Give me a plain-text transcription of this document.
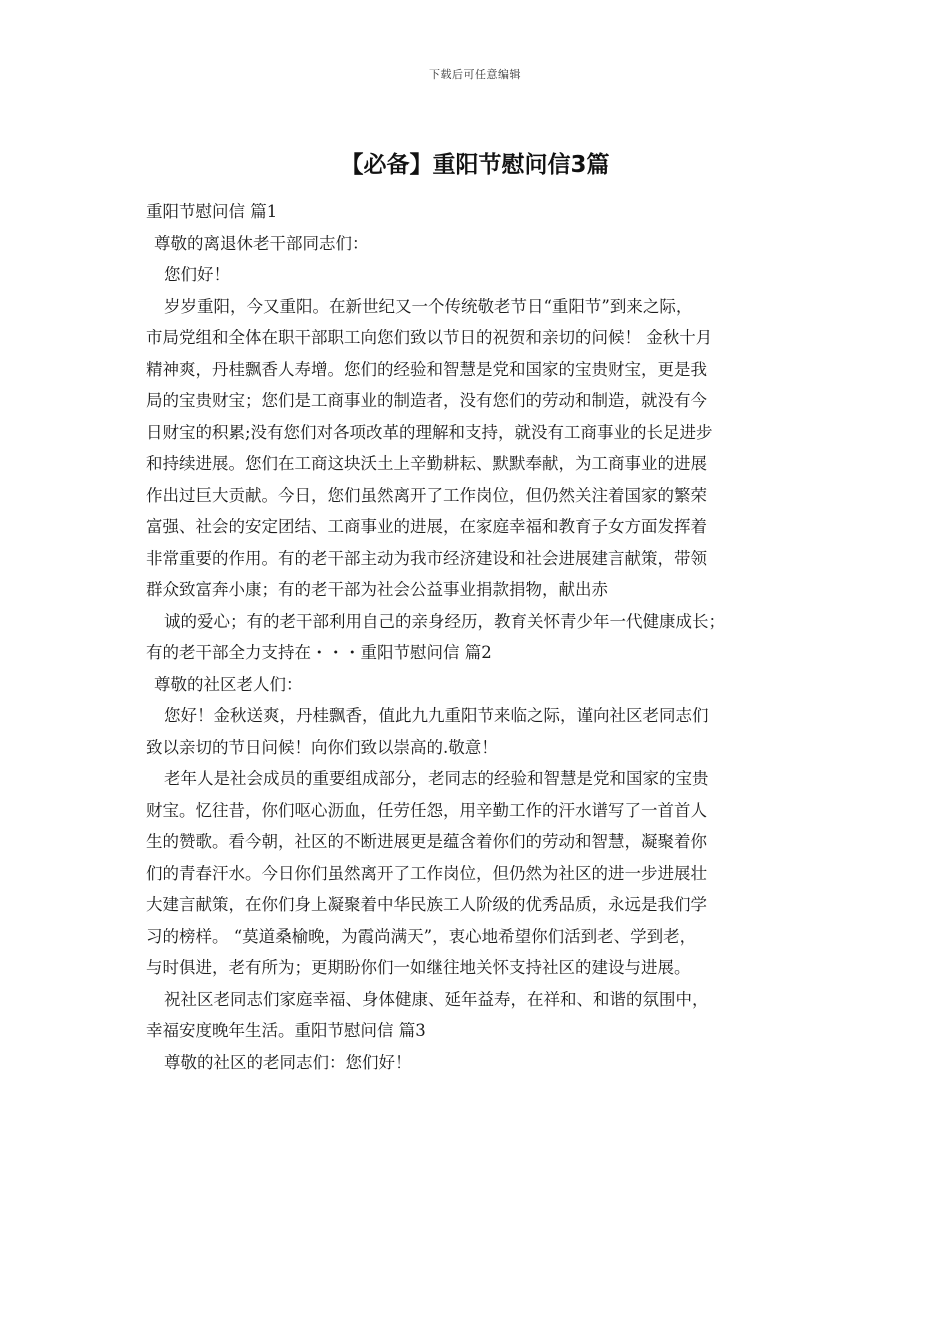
下载后可任意编辑
【必备】重阳节慰问信3篇
重阳节慰问信 篇1
尊敬的离退休老干部同志们：
您们好！
岁岁重阳，今又重阳。在新世纪又一个传统敬老节日“重阳节”到来之际，
市局党组和全体在职干部职工向您们致以节日的祝贺和亲切的问候！ 金秋十月
精神爽，丹桂飘香人寿增。您们的经验和智慧是党和国家的宝贵财宝，更是我
局的宝贵财宝；您们是工商事业的制造者，没有您们的劳动和制造，就没有今
日财宝的积累;没有您们对各项改革的理解和支持，就没有工商事业的长足进步
和持续进展。您们在工商这块沃土上辛勤耕耘、默默奉献，为工商事业的进展
作出过巨大贡献。今日，您们虽然离开了工作岗位，但仍然关注着国家的繁荣
富强、社会的安定团结、工商事业的进展，在家庭幸福和教育子女方面发挥着
非常重要的作用。有的老干部主动为我市经济建设和社会进展建言献策，带领
群众致富奔小康；有的老干部为社会公益事业捐款捐物，献出赤
诚的爱心；有的老干部利用自己的亲身经历，教育关怀青少年一代健康成长；
有的老干部全力支持在・・・重阳节慰问信 篇2
尊敬的社区老人们：
您好！金秋送爽，丹桂飘香，值此九九重阳节来临之际，谨向社区老同志们
致以亲切的节日问候！向你们致以崇高的.敬意！
老年人是社会成员的重要组成部分，老同志的经验和智慧是党和国家的宝贵
财宝。忆往昔，你们呕心沥血，任劳任怨，用辛勤工作的汗水谱写了一首首人
生的赞歌。看今朝，社区的不断进展更是蕴含着你们的劳动和智慧，凝聚着你
们的青春汗水。今日你们虽然离开了工作岗位，但仍然为社区的进一步进展壮
大建言献策，在你们身上凝聚着中华民族工人阶级的优秀品质，永远是我们学
习的榜样。 “莫道桑榆晚，为霞尚满天”，衷心地希望你们活到老、学到老，
与时俱进，老有所为；更期盼你们一如继往地关怀支持社区的建设与进展。
祝社区老同志们家庭幸福、身体健康、延年益寿，在祥和、和谐的氛围中，
幸福安度晚年生活。重阳节慰问信 篇3
尊敬的社区的老同志们：您们好！
